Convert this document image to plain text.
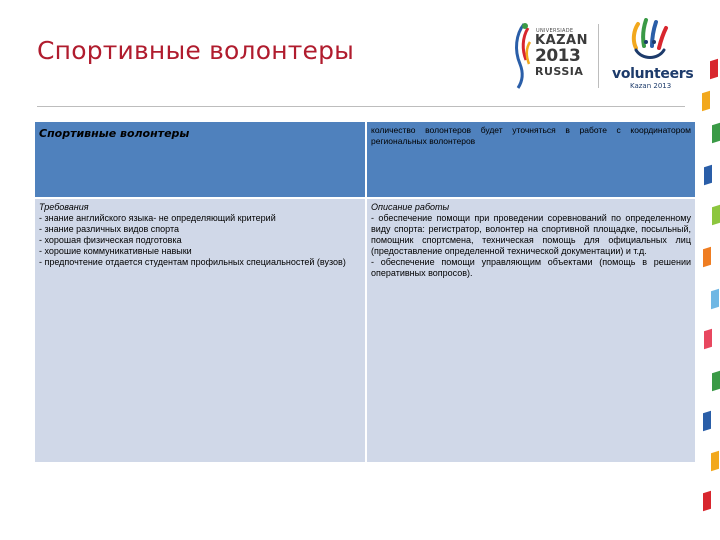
Спортивные волонтеры
UNIVERSIADE
KAZAN
2013
RUSSIA volunteers
Kazan 2013
Спортивные волонтеры	количество волонтеров будет уточняться в работе с координатором региональных волонтеров
Требования
- знание английского языка- не определяющий критерий
- знание различных видов спорта
- хорошая физическая подготовка
- хорошие коммуникативные навыки
- предпочтение отдается студентам профильных специальностей (вузов)
Описание работы
- обеспечение помощи при проведении соревнований по определенному виду спорта: регистратор, волонтер на спортивной площадке, посыльный, помощник спортсмена, техническая помощь для официальных лиц (предоставление определенной технической документации) и т.д.
- обеспечение помощи управляющим объектами (помощь в решении оперативных вопросов).
